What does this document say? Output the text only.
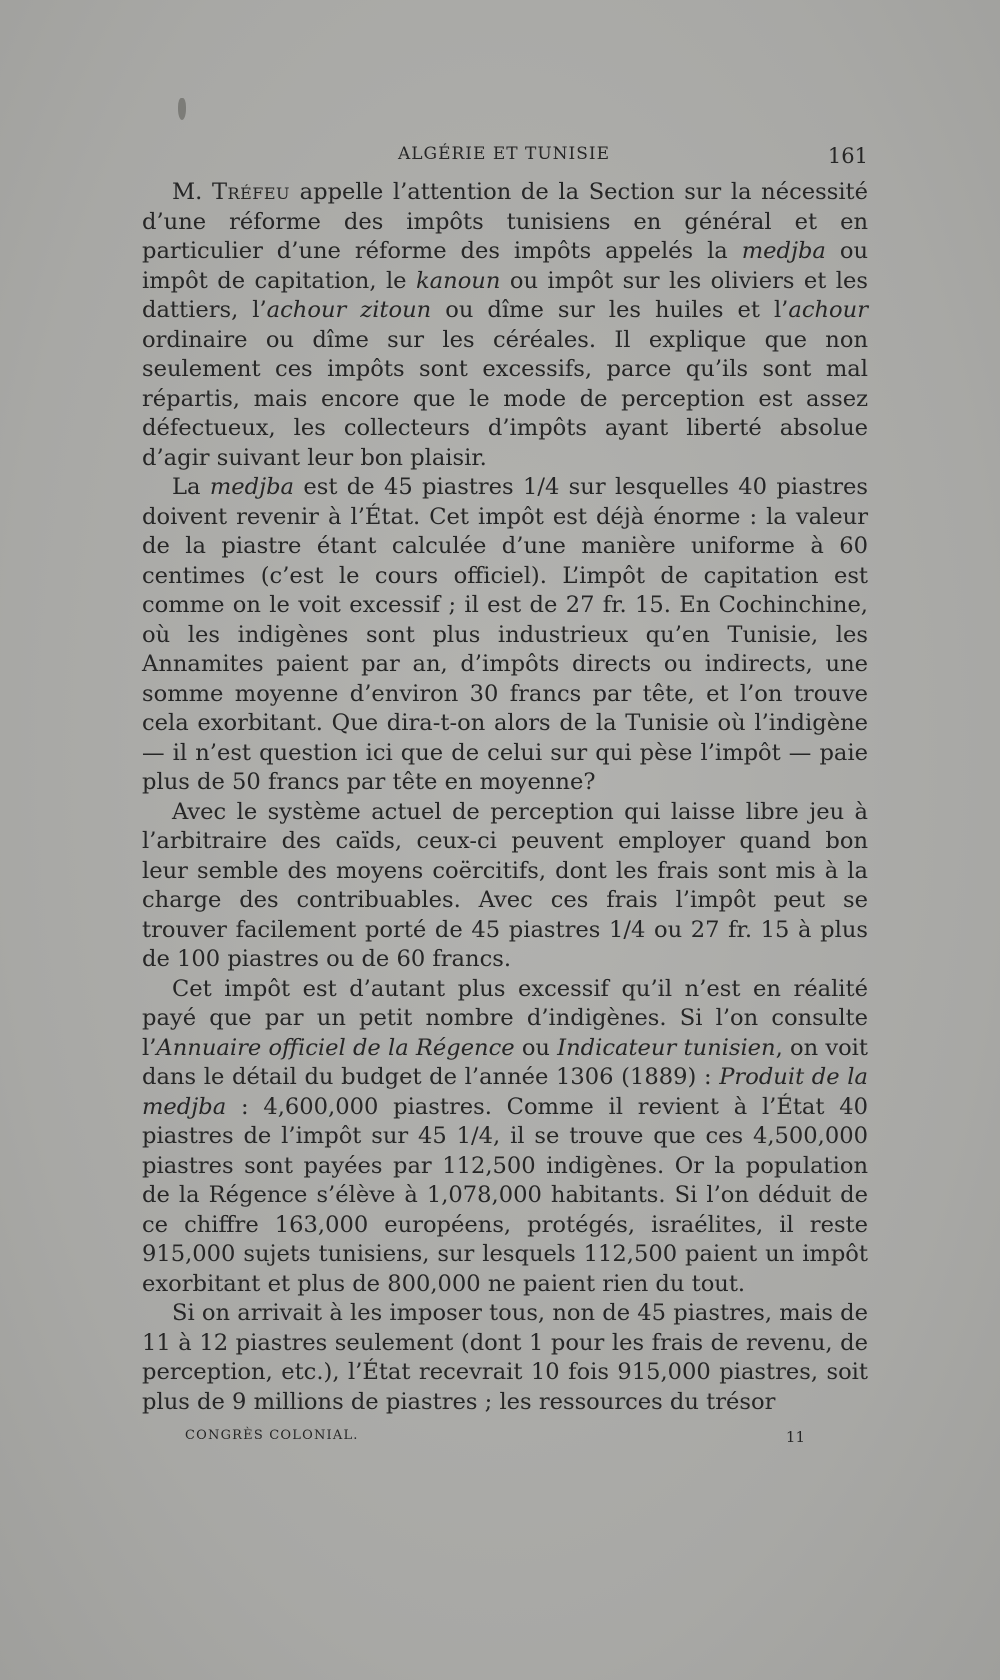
ALGÉRIE ET TUNISIE	161

M. Tréfeu appelle l’attention de la Section sur la nécessité d’une réforme des impôts tunisiens en général et en particulier d’une réforme des impôts appelés la medjba ou impôt de capitation, le kanoun ou impôt sur les oliviers et les dattiers, l’achour zitoun ou dîme sur les huiles et l’achour ordinaire ou dîme sur les céréales. Il explique que non seulement ces impôts sont excessifs, parce qu’ils sont mal répartis, mais encore que le mode de perception est assez défectueux, les collecteurs d’impôts ayant liberté absolue d’agir suivant leur bon plaisir.

La medjba est de 45 piastres 1/4 sur lesquelles 40 piastres doivent revenir à l’État. Cet impôt est déjà énorme : la valeur de la piastre étant calculée d’une manière uniforme à 60 centimes (c’est le cours officiel). L’impôt de capitation est comme on le voit excessif ; il est de 27 fr. 15. En Cochinchine, où les indigènes sont plus industrieux qu’en Tunisie, les Annamites paient par an, d’impôts directs ou indirects, une somme moyenne d’environ 30 francs par tête, et l’on trouve cela exorbitant. Que dira-t-on alors de la Tunisie où l’indigène — il n’est question ici que de celui sur qui pèse l’impôt — paie plus de 50 francs par tête en moyenne?

Avec le système actuel de perception qui laisse libre jeu à l’arbitraire des caïds, ceux-ci peuvent employer quand bon leur semble des moyens coërcitifs, dont les frais sont mis à la charge des contribuables. Avec ces frais l’impôt peut se trouver facilement porté de 45 piastres 1/4 ou 27 fr. 15 à plus de 100 piastres ou de 60 francs.

Cet impôt est d’autant plus excessif qu’il n’est en réalité payé que par un petit nombre d’indigènes. Si l’on consulte l’Annuaire officiel de la Régence ou Indicateur tunisien, on voit dans le détail du budget de l’année 1306 (1889) : Produit de la medjba : 4,600,000 piastres. Comme il revient à l’État 40 piastres de l’impôt sur 45 1/4, il se trouve que ces 4,500,000 piastres sont payées par 112,500 indigènes. Or la population de la Régence s’élève à 1,078,000 habitants. Si l’on déduit de ce chiffre 163,000 européens, protégés, israélites, il reste 915,000 sujets tunisiens, sur lesquels 112,500 paient un impôt exorbitant et plus de 800,000 ne paient rien du tout.

Si on arrivait à les imposer tous, non de 45 piastres, mais de 11 à 12 piastres seulement (dont 1 pour les frais de revenu, de perception, etc.), l’État recevrait 10 fois 915,000 piastres, soit plus de 9 millions de piastres ; les ressources du trésor

CONGRÈS COLONIAL.	11
